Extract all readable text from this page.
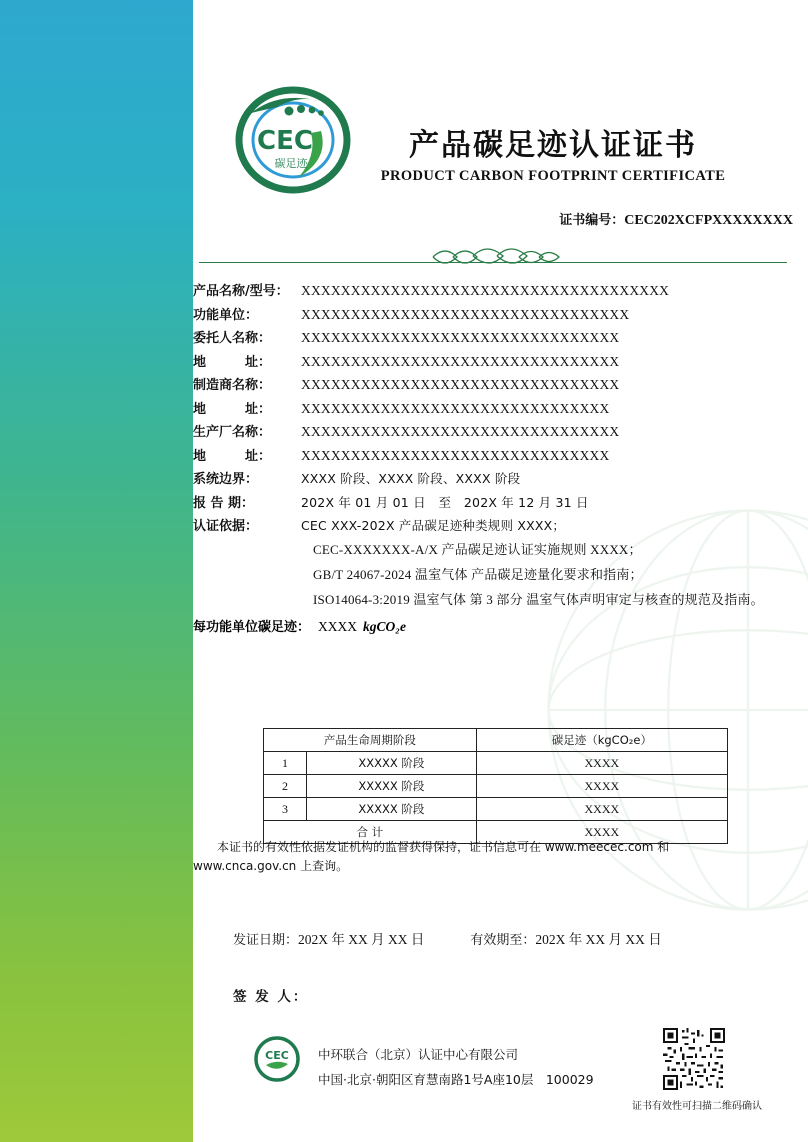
CEC
碳足迹
产品碳足迹认证证书
PRODUCT CARBON FOOTPRINT CERTIFICATE
证书编号：CEC202XCFPXXXXXXXX
产品名称/型号： XXXXXXXXXXXXXXXXXXXXXXXXXXXXXXXXXXXXX
功能单位：	XXXXXXXXXXXXXXXXXXXXXXXXXXXXXXXXX
委托人名称：	XXXXXXXXXXXXXXXXXXXXXXXXXXXXXXXX
地　　　址：	XXXXXXXXXXXXXXXXXXXXXXXXXXXXXXXX
制造商名称：	XXXXXXXXXXXXXXXXXXXXXXXXXXXXXXXX
地　　　址：	XXXXXXXXXXXXXXXXXXXXXXXXXXXXXXX
生产厂名称：	XXXXXXXXXXXXXXXXXXXXXXXXXXXXXXXX
地　　　址：	XXXXXXXXXXXXXXXXXXXXXXXXXXXXXXX
系统边界：	XXXX 阶段、XXXX 阶段、XXXX 阶段
报 告 期：	202X 年 01 月 01 日　至　202X 年 12 月 31 日
认证依据：	CEC XXX-202X 产品碳足迹种类规则 XXXX；
CEC-XXXXXXX-A/X 产品碳足迹认证实施规则 XXXX；
GB/T 24067-2024 温室气体 产品碳足迹量化要求和指南；
ISO14064-3:2019 温室气体 第 3 部分 温室气体声明审定与核查的规范及指南。
每功能单位碳足迹： XXXX kgCO₂e
产品生命周期阶段		碳足迹（kgCO₂e）
1	XXXXX 阶段	XXXX
2	XXXXX 阶段	XXXX
3	XXXXX 阶段	XXXX
合 计		XXXX
本证书的有效性依据发证机构的监督获得保持，证书信息可在 www.meecec.com 和 www.cnca.gov.cn 上查询。
发证日期：202X 年 XX 月 XX 日	有效期至：202X 年 XX 月 XX 日
签 发 人：
CEC 中环联合（北京）认证中心有限公司
中国·北京·朝阳区育慧南路1号A座10层　100029
证书有效性可扫描二维码确认
